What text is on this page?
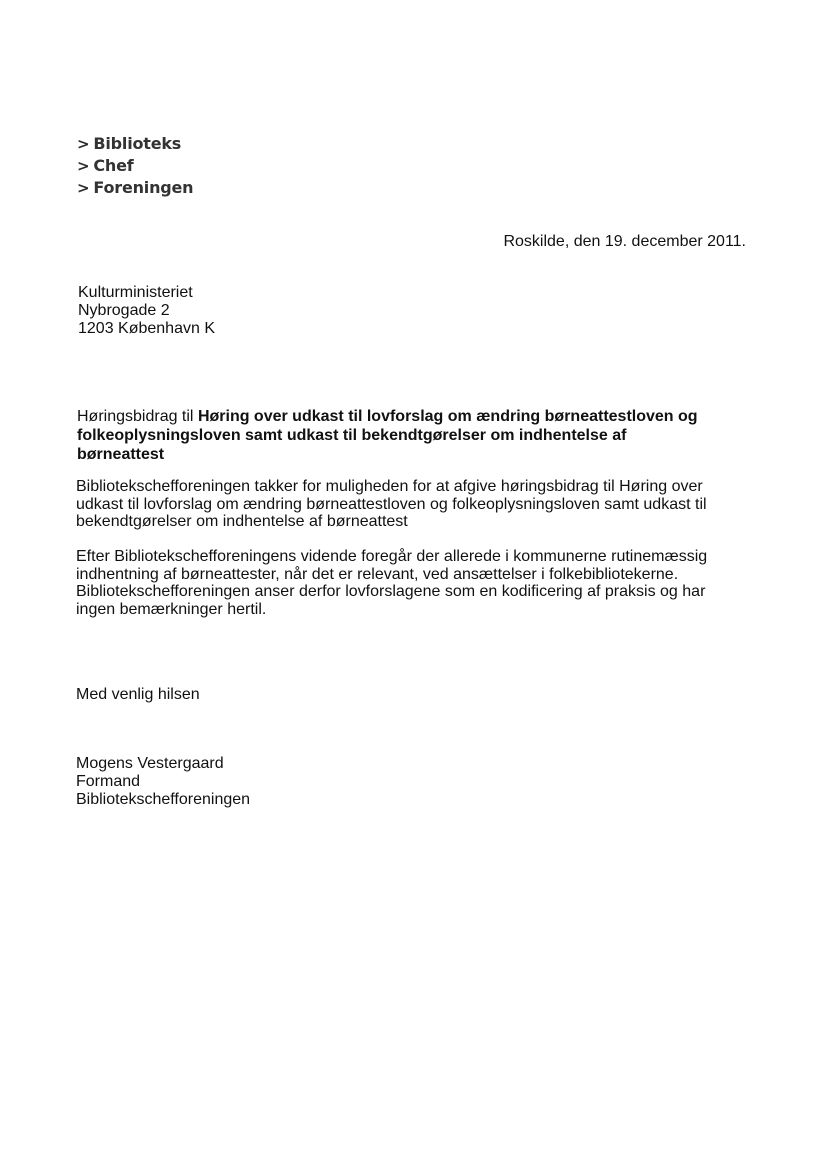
> Biblioteks
> Chef
> Foreningen
Roskilde, den 19. december 2011.
Kulturministeriet
Nybrogade 2
1203 København K
Høringsbidrag til Høring over udkast til lovforslag om ændring børneattestloven og folkeoplysningsloven samt udkast til bekendtgørelser om indhentelse af børneattest
Bibliotekschefforeningen takker for muligheden for at afgive høringsbidrag til Høring over udkast til lovforslag om ændring børneattestloven og folkeoplysningsloven samt udkast til bekendtgørelser om indhentelse af børneattest
Efter Bibliotekschefforeningens vidende foregår der allerede i kommunerne rutinemæssig indhentning af børneattester, når det er relevant, ved ansættelser i folkebibliotekerne. Bibliotekschefforeningen anser derfor lovforslagene som en kodificering af praksis og har ingen bemærkninger hertil.
Med venlig hilsen
Mogens Vestergaard
Formand
Bibliotekschefforeningen
